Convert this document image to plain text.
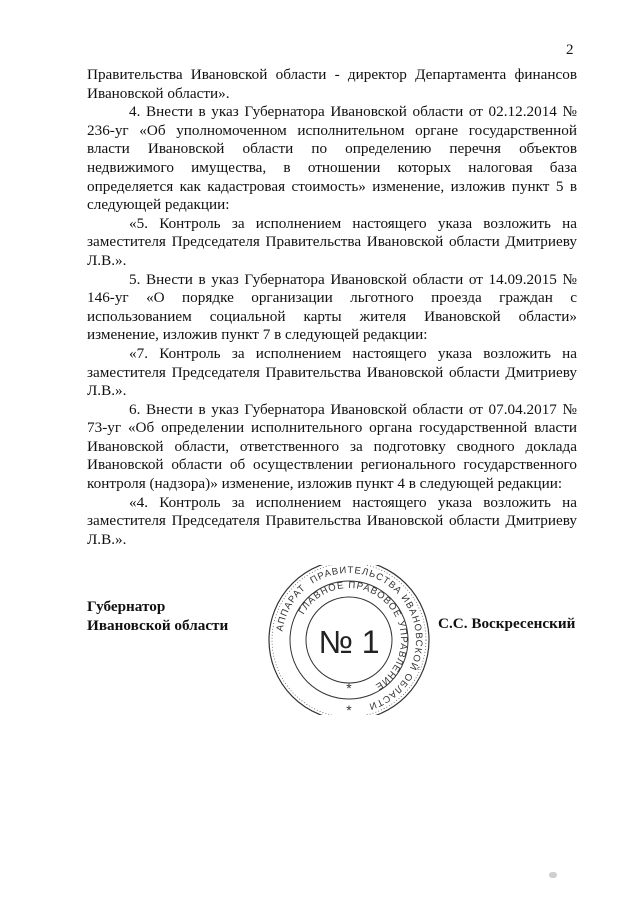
2

Правительства Ивановской области - директор Департамента финансов Ивановской области».

4. Внести в указ Губернатора Ивановской области от 02.12.2014 № 236-уг «Об уполномоченном исполнительном органе государственной власти Ивановской области по определению перечня объектов недвижимого имущества, в отношении которых налоговая база определяется как кадастровая стоимость» изменение, изложив пункт 5 в следующей редакции:

«5. Контроль за исполнением настоящего указа возложить на заместителя Председателя Правительства Ивановской области Дмитриеву Л.В.».

5. Внести в указ Губернатора Ивановской области от 14.09.2015 № 146-уг «О порядке организации льготного проезда граждан с использованием социальной карты жителя Ивановской области» изменение, изложив пункт 7 в следующей редакции:

«7. Контроль за исполнением настоящего указа возложить на заместителя Председателя Правительства Ивановской области Дмитриеву Л.В.».

6. Внести в указ Губернатора Ивановской области от 07.04.2017 № 73-уг «Об определении исполнительного органа государственной власти Ивановской области, ответственного за подготовку сводного доклада Ивановской области об осуществлении регионального государственного контроля (надзора)» изменение, изложив пункт 4 в следующей редакции:

«4. Контроль за исполнением настоящего указа возложить на заместителя Председателя Правительства Ивановской области Дмитриеву Л.В.».

Губернатор
Ивановской области	С.С. Воскресенский
АППАРАТ ПРАВИТЕЛЬСТВА ИВАНОВСКОЙ ОБЛАСТИ
ГЛАВНОЕ ПРАВОВОЕ УПРАВЛЕНИЕ
№ 1
*
*
